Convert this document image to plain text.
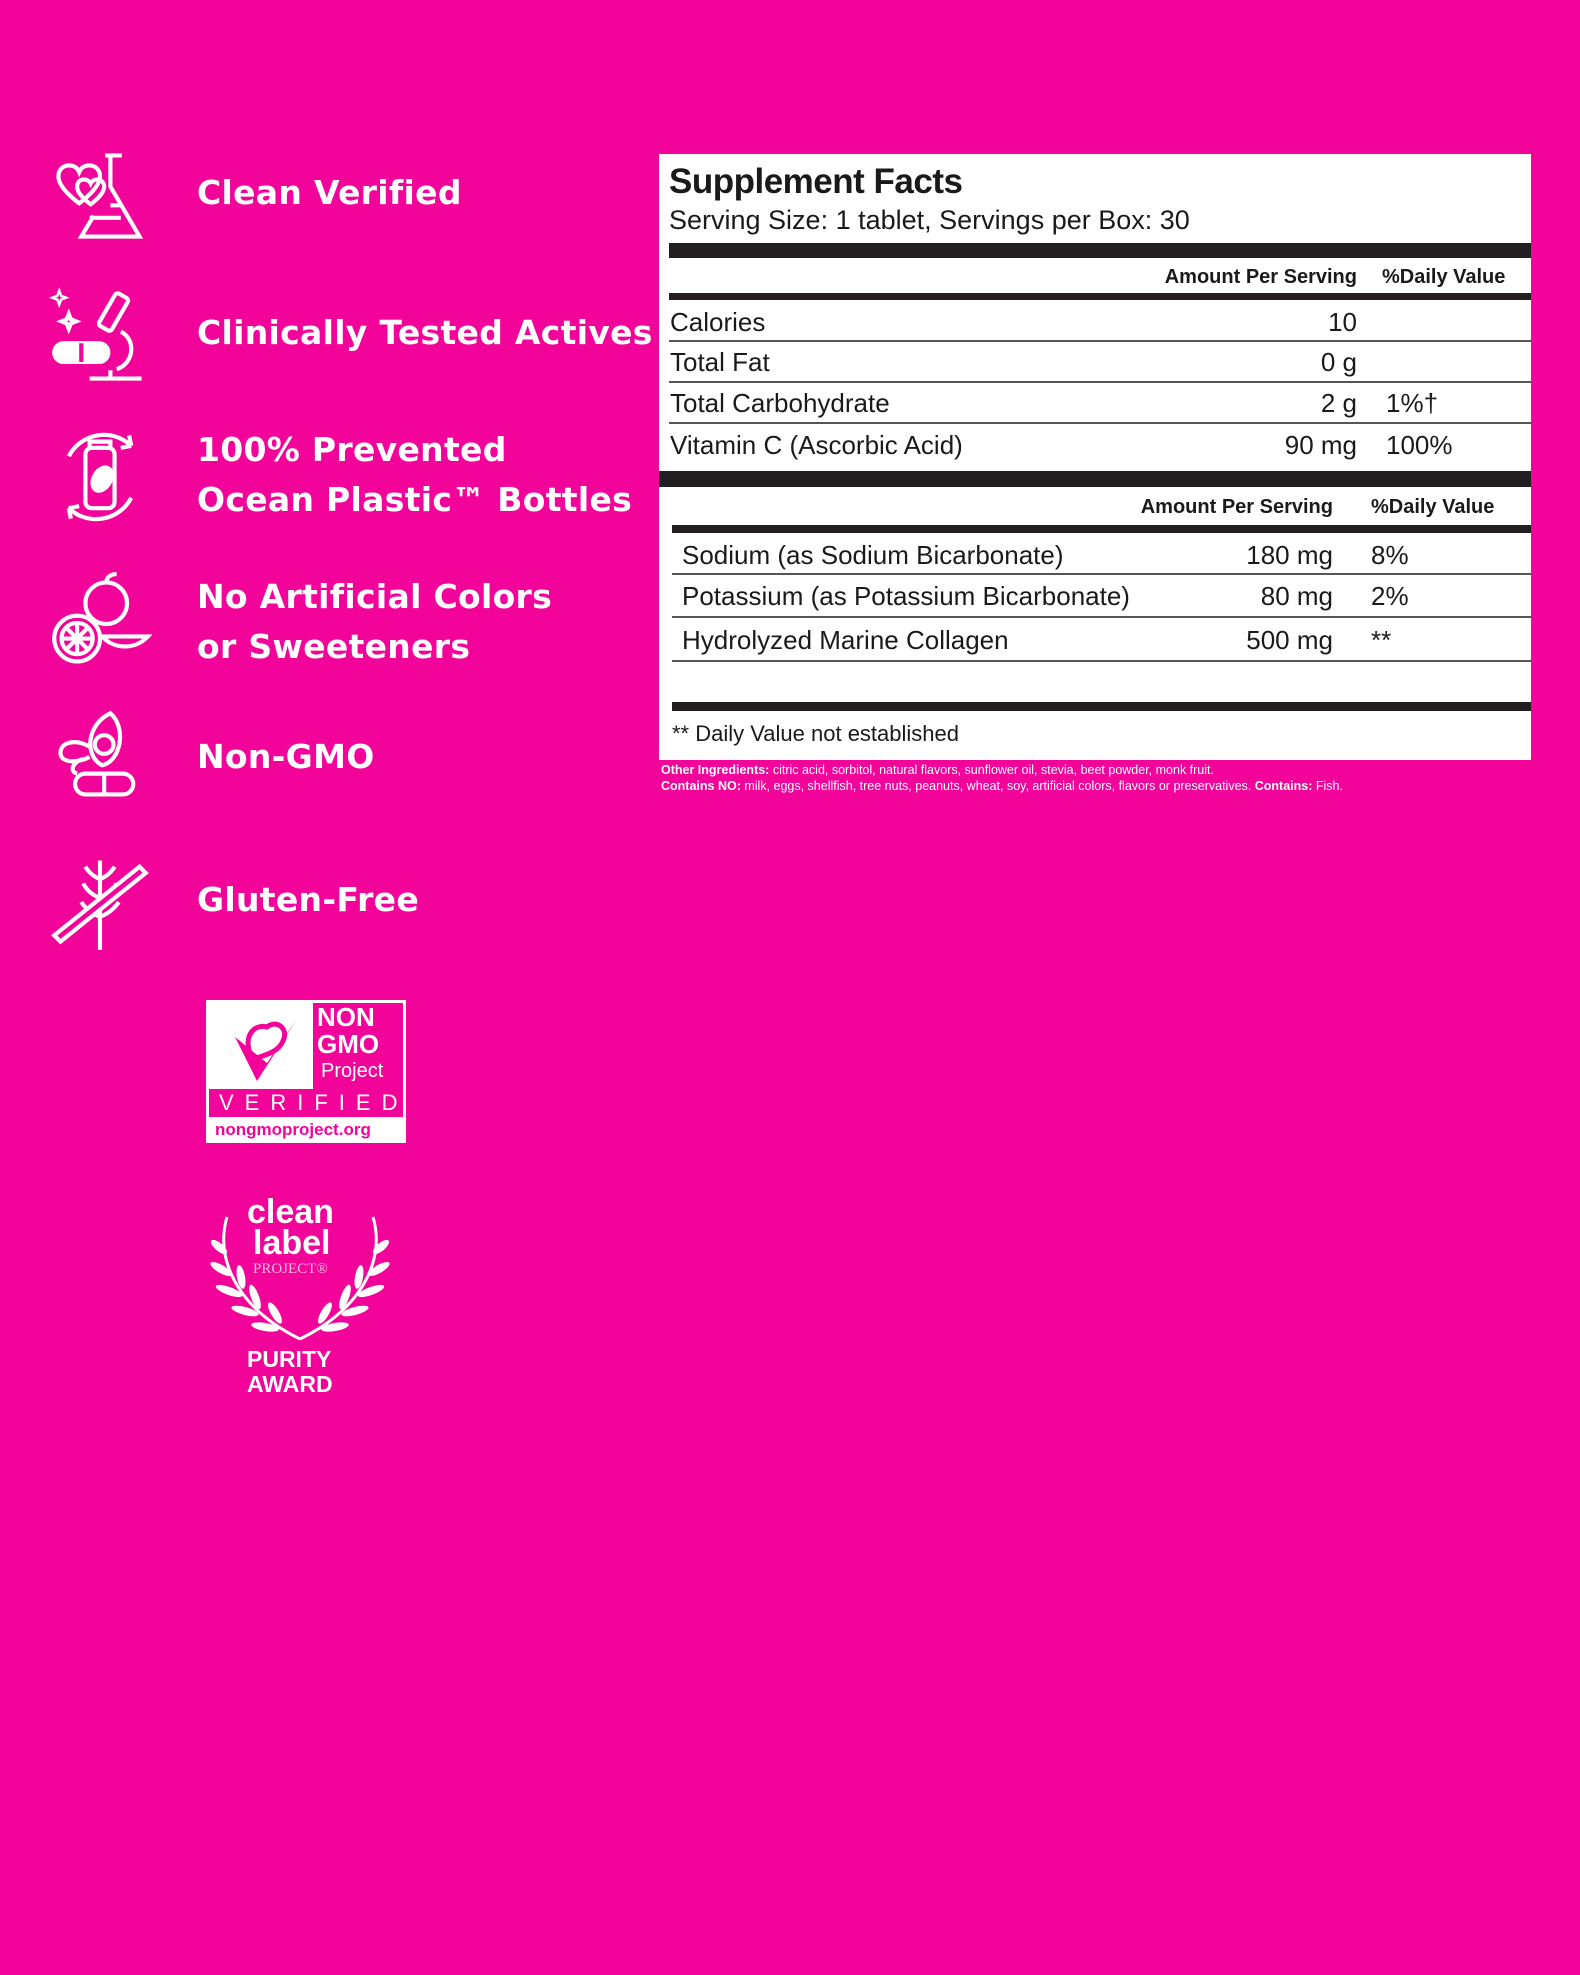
Clean Verified
Clinically Tested Actives
100% Prevented
Ocean Plastic™ Bottles
No Artificial Colors
or Sweeteners
Non-GMO
Gluten-Free
NON
GMO
Project
VERIFIED
nongmoproject.org
clean
label
PROJECT®
PURITY
AWARD
Supplement Facts
Serving Size: 1 tablet, Servings per Box: 30
Amount Per Serving %Daily Value
Calories	10
Total Fat	0 g
Total Carbohydrate	2 g 1%†
Vitamin C (Ascorbic Acid)	90 mg 100%
Amount Per Serving %Daily Value
Sodium (as Sodium Bicarbonate)	180 mg 8%
Potassium (as Potassium Bicarbonate)	80 mg 2%
Hydrolyzed Marine Collagen	500 mg **
** Daily Value not established
Other Ingredients: citric acid, sorbitol, natural flavors, sunflower oil, stevia, beet powder, monk fruit.
Contains NO: milk, eggs, shellfish, tree nuts, peanuts, wheat, soy, artificial colors, flavors or preservatives. Contains: Fish.
